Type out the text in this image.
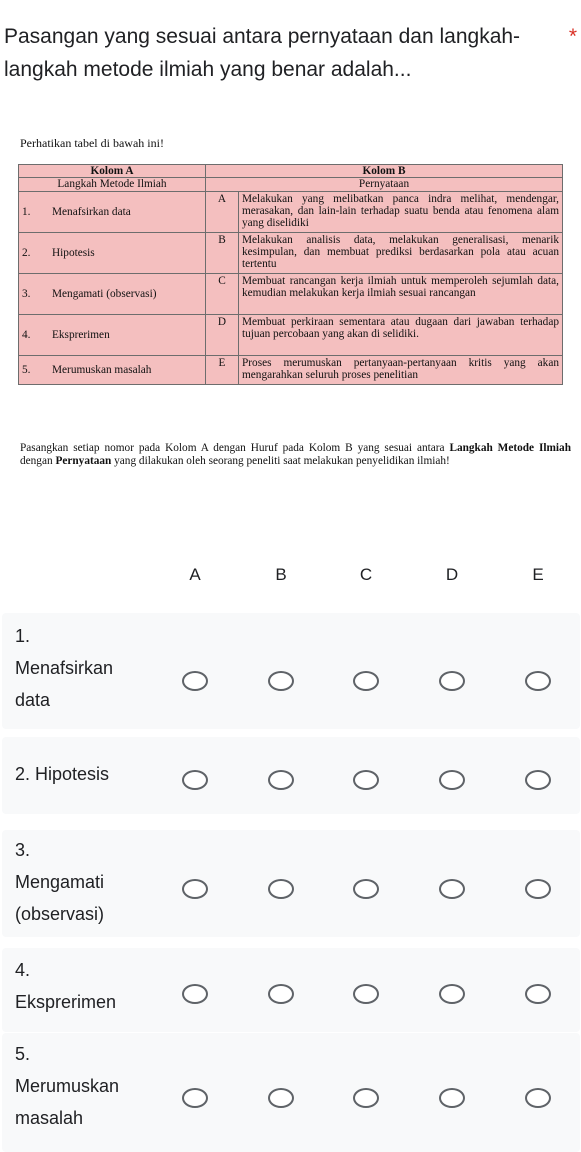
Pasangan yang sesuai antara pernyataan dan langkah-langkah metode ilmiah yang benar adalah...
*
Perhatikan tabel di bawah ini!
Kolom A		Kolom B	
Langkah Metode Ilmiah		Pernyataan	
1.	Menafsirkan data	A	Melakukan yang melibatkan panca indra melihat, mendengar, merasakan, dan lain-lain terhadap suatu benda atau fenomena alam yang diselidiki
2.	Hipotesis	B	Melakukan analisis data, melakukan generalisasi, menarik kesimpulan, dan membuat prediksi berdasarkan pola atau acuan tertentu
3.	Mengamati (observasi)	C	Membuat rancangan kerja ilmiah untuk memperoleh sejumlah data, kemudian melakukan kerja ilmiah sesuai rancangan
4.	Eksprerimen	D	Membuat perkiraan sementara atau dugaan dari jawaban terhadap tujuan percobaan yang akan di selidiki.
5.	Merumuskan masalah	E	Proses merumuskan pertanyaan-pertanyaan kritis yang akan mengarahkan seluruh proses penelitian

Pasangkan setiap nomor pada Kolom A dengan Huruf pada Kolom B yang sesuai antara Langkah Metode Ilmiah dengan Pernyataan yang dilakukan oleh seorang peneliti saat melakukan penyelidikan ilmiah!

A	B	C	D	E
1.
Menafsirkan
data
2. Hipotesis
3.
Mengamati
(observasi)
4.
Eksprerimen
5.
Merumuskan
masalah
